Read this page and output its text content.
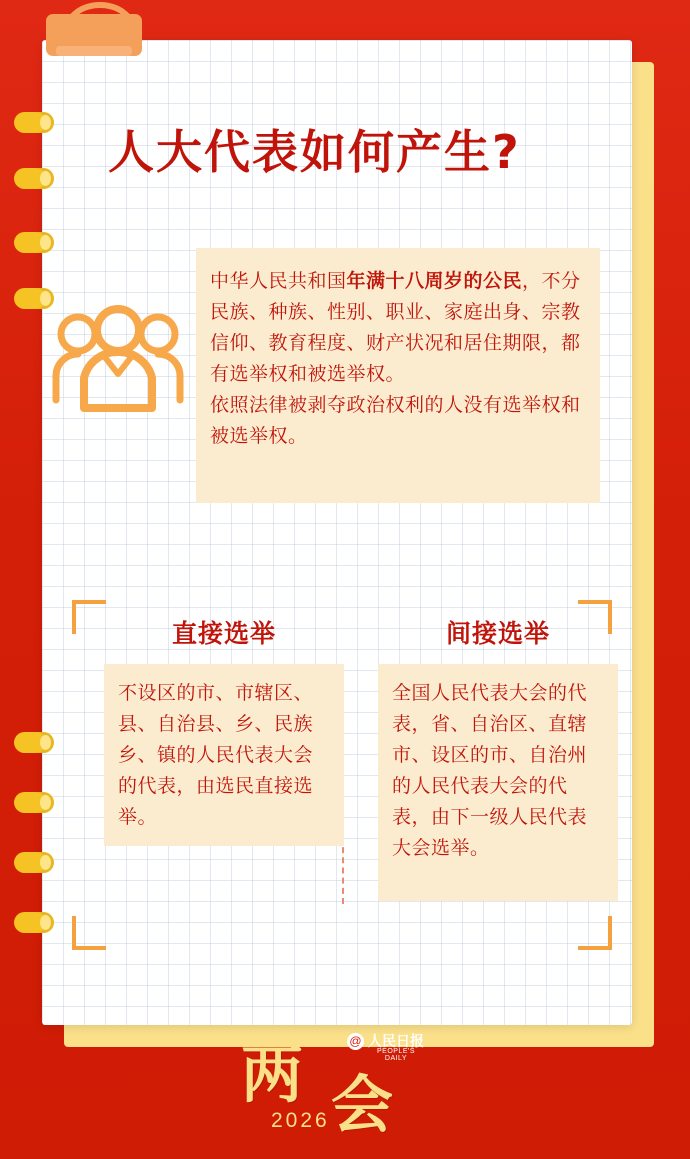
人大代表如何产生?

中华人民共和国年满十八周岁的公民，不分民族、种族、性别、职业、家庭出身、宗教信仰、教育程度、财产状况和居住期限，都有选举权和被选举权。

依照法律被剥夺政治权利的人没有选举权和被选举权。

直接选举

不设区的市、市辖区、县、自治县、乡、民族乡、镇的人民代表大会的代表，由选民直接选举。

间接选举

全国人民代表大会的代表，省、自治区、直辖市、设区的市、自治州的人民代表大会的代表，由下一级人民代表大会选举。

两 会
2026
@ 人民日报
PEOPLE'S DAILY
